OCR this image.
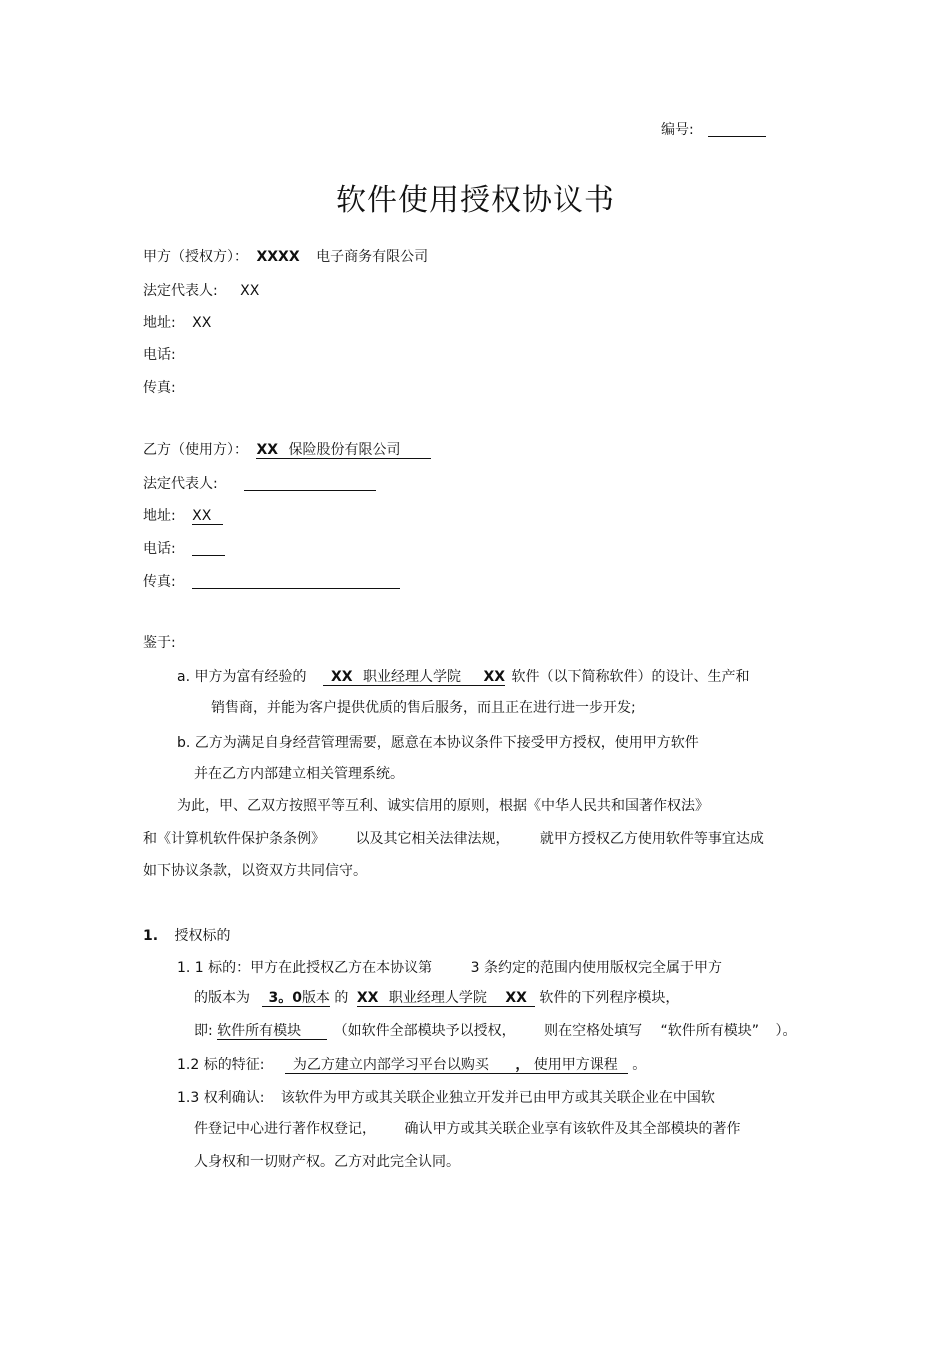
编号:
软件使用授权协议书
甲方（授权方）： XXXX 电子商务有限公司
法定代表人: XX
地址: XX
电话:
传真:
乙方（使用方）： XX 保险股份有限公司
法定代表人:
地址: XX
电话:
传真:
鉴于:
a. 甲方为富有经验的 XX 职业经理人学院 XX 软件（以下简称软件）的设计、生产和
销售商，并能为客户提供优质的售后服务，而且正在进行进一步开发;
b. 乙方为满足自身经营管理需要，愿意在本协议条件下接受甲方授权，使用甲方软件
并在乙方内部建立相关管理系统。
为此，甲、乙双方按照平等互利、诚实信用的原则，根据《中华人民共和国著作权法》
和《计算机软件保护条条例》 以及其它相关法律法规， 就甲方授权乙方使用软件等事宜达成
如下协议条款，以资双方共同信守。
1. 授权标的
1. 1 标的：甲方在此授权乙方在本协议第	3 条约定的范围内使用版权完全属于甲方
的版本为 3。0版本 的 XX 职业经理人学院 XX 软件的下列程序模块，
即: 软件所有模块 （如软件全部模块予以授权， 则在空格处填写 “软件所有模块” ）。
1.2 标的特征: 为乙方建立内部学习平台以购买 ， 使用甲方课程 。
1.3 权利确认: 该软件为甲方或其关联企业独立开发并已由甲方或其关联企业在中国软
件登记中心进行著作权登记， 确认甲方或其关联企业享有该软件及其全部模块的著作
人身权和一切财产权。乙方对此完全认同。
